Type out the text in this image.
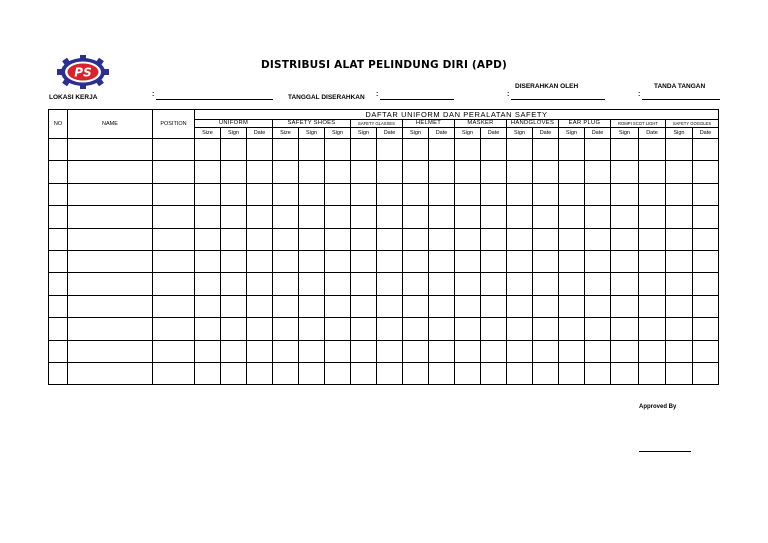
PS
DISTRIBUSI ALAT PELINDUNG DIRI (APD)
DISERAHKAN OLEH	TANDA TANGAN
LOKASI KERJA	:	TANGGAL DISERAHKAN :	:	:
NO	NAME	POSITION	DAFTAR UNIFORM DAN PERALATAN SAFETY																			
			UNIFORM			SAFETY SHOES			SAFETY GLASSES		HELMET		MASKER		HANDGLOVES		EAR PLUG		ROMPI SCOT LIGHT		SAFETY GOGGLES	
			Size	Sign	Date	Size	Sign	Sign	Sign	Date	Sign	Date	Sign	Date	Sign	Date	Sign	Date	Sign	Date	Sign	Date

Approved By
